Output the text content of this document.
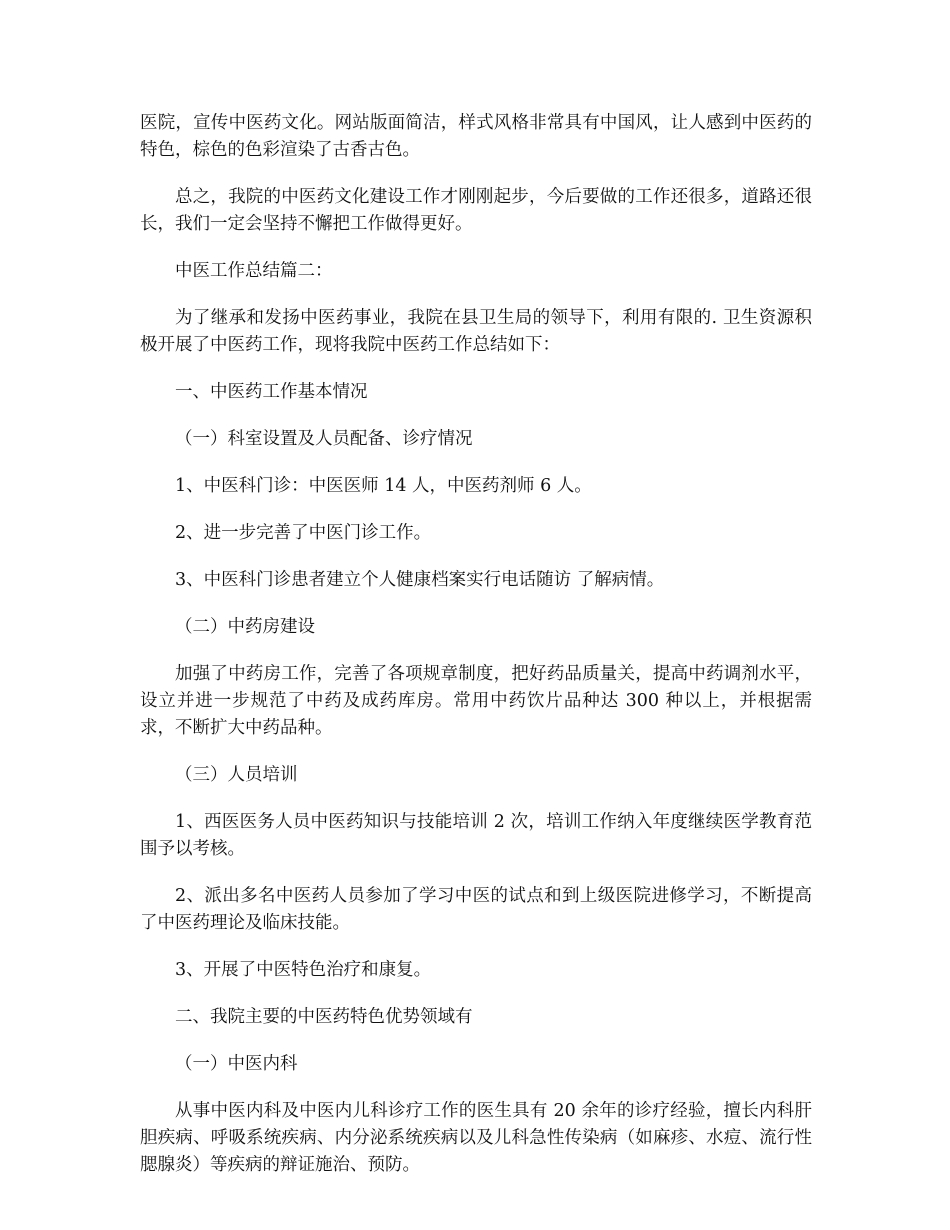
医院，宣传中医药文化。网站版面简洁，样式风格非常具有中国风，让人感到中医药的特色，棕色的色彩渲染了古香古色。

总之，我院的中医药文化建设工作才刚刚起步，今后要做的工作还很多，道路还很长，我们一定会坚持不懈把工作做得更好。

中医工作总结篇二：

为了继承和发扬中医药事业，我院在县卫生局的领导下，利用有限的. 卫生资源积极开展了中医药工作，现将我院中医药工作总结如下：

一、中医药工作基本情况

（一）科室设置及人员配备、诊疗情况

1、中医科门诊：中医医师 14 人，中医药剂师 6 人。

2、进一步完善了中医门诊工作。

3、中医科门诊患者建立个人健康档案实行电话随访 了解病情。

（二）中药房建设

加强了中药房工作，完善了各项规章制度，把好药品质量关，提高中药调剂水平，设立并进一步规范了中药及成药库房。常用中药饮片品种达 300 种以上，并根据需求，不断扩大中药品种。

（三）人员培训

1、西医医务人员中医药知识与技能培训 2 次，培训工作纳入年度继续医学教育范围予以考核。

2、派出多名中医药人员参加了学习中医的试点和到上级医院进修学习，不断提高了中医药理论及临床技能。

3、开展了中医特色治疗和康复。

二、我院主要的中医药特色优势领域有

（一）中医内科

从事中医内科及中医内儿科诊疗工作的医生具有 20 余年的诊疗经验，擅长内科肝胆疾病、呼吸系统疾病、内分泌系统疾病以及儿科急性传染病（如麻疹、水痘、流行性腮腺炎）等疾病的辩证施治、预防。
